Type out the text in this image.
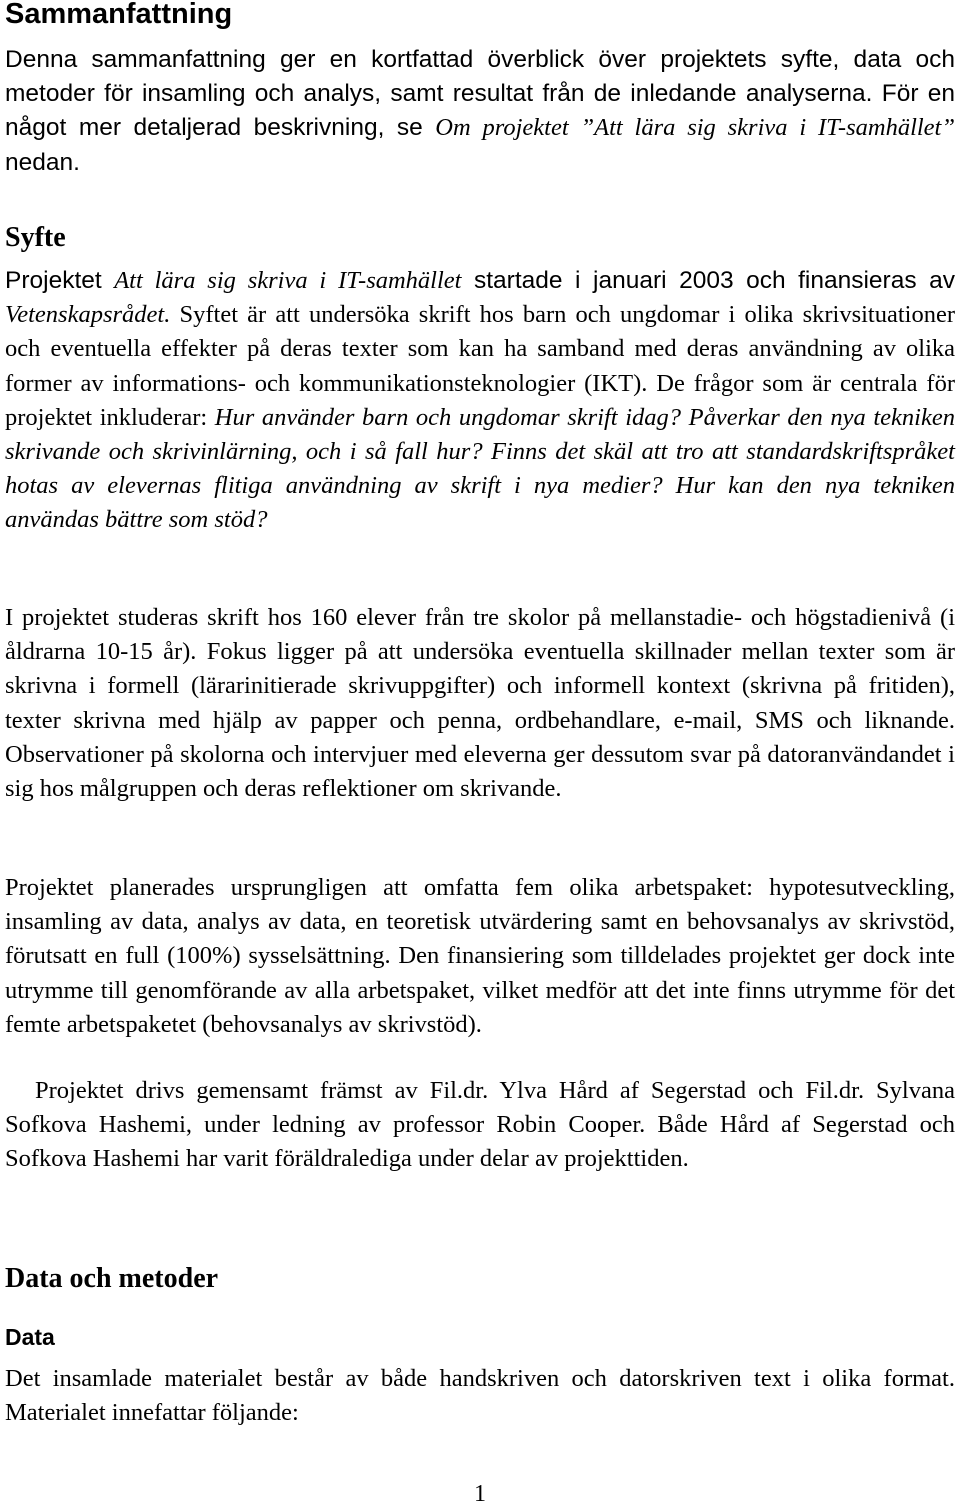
Sammanfattning

Denna sammanfattning ger en kortfattad överblick över projektets syfte, data och metoder för insamling och analys, samt resultat från de inledande analyserna. För en något mer detaljerad beskrivning, se Om projektet ”Att lära sig skriva i IT-samhället” nedan.

Syfte

Projektet Att lära sig skriva i IT-samhället startade i januari 2003 och finansieras av Vetenskapsrådet. Syftet är att undersöka skrift hos barn och ungdomar i olika skrivsituationer och eventuella effekter på deras texter som kan ha samband med deras användning av olika former av informations- och kommunikationsteknologier (IKT). De frågor som är centrala för projektet inkluderar: Hur använder barn och ungdomar skrift idag? Påverkar den nya tekniken skrivande och skrivinlärning, och i så fall hur? Finns det skäl att tro att standardskriftspråket hotas av elevernas flitiga användning av skrift i nya medier? Hur kan den nya tekniken användas bättre som stöd?

I projektet studeras skrift hos 160 elever från tre skolor på mellanstadie- och högstadienivå (i åldrarna 10-15 år). Fokus ligger på att undersöka eventuella skillnader mellan texter som är skrivna i formell (lärarinitierade skrivuppgifter) och informell kontext (skrivna på fritiden), texter skrivna med hjälp av papper och penna, ordbehandlare, e-mail, SMS och liknande. Observationer på skolorna och intervjuer med eleverna ger dessutom svar på datoranvändandet i sig hos målgruppen och deras reflektioner om skrivande.

Projektet planerades ursprungligen att omfatta fem olika arbetspaket: hypotesutveckling, insamling av data, analys av data, en teoretisk utvärdering samt en behovsanalys av skrivstöd, förutsatt en full (100%) sysselsättning. Den finansiering som tilldelades projektet ger dock inte utrymme till genomförande av alla arbetspaket, vilket medför att det inte finns utrymme för det femte arbetspaketet (behovsanalys av skrivstöd).

Projektet drivs gemensamt främst av Fil.dr. Ylva Hård af Segerstad och Fil.dr. Sylvana Sofkova Hashemi, under ledning av professor Robin Cooper. Både Hård af Segerstad och Sofkova Hashemi har varit föräldralediga under delar av projekttiden.

Data och metoder
Data

Det insamlade materialet består av både handskriven och datorskriven text i olika format. Materialet innefattar följande:

1
